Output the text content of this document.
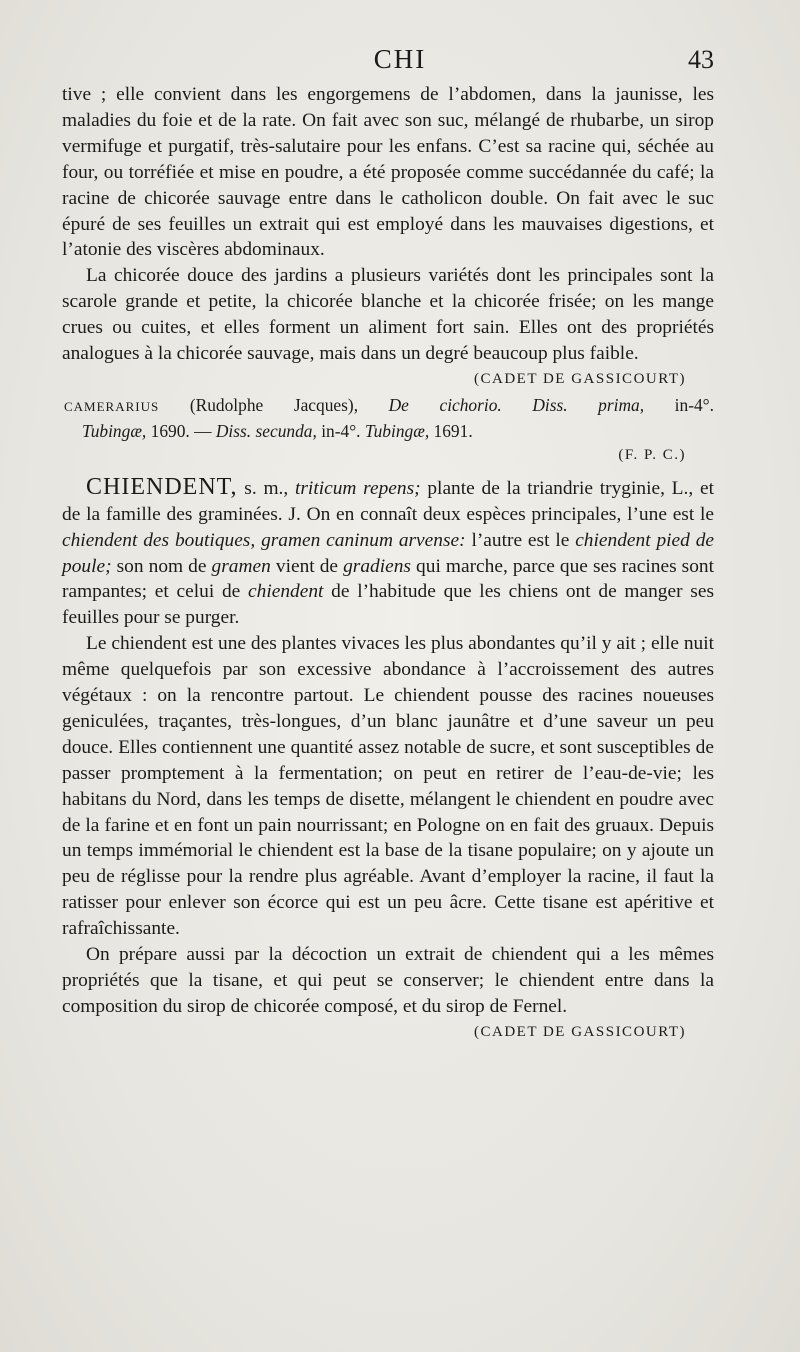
CHI	43

tive ; elle convient dans les engorgemens de l’abdomen, dans la jaunisse, les maladies du foie et de la rate. On fait avec son suc, mélangé de rhubarbe, un sirop vermifuge et purgatif, très-salutaire pour les enfans. C’est sa racine qui, séchée au four, ou torréfiée et mise en poudre, a été proposée comme succédannée du café; la racine de chicorée sauvage entre dans le catholicon double. On fait avec le suc épuré de ses feuilles un extrait qui est employé dans les mauvaises digestions, et l’atonie des viscères abdominaux.

La chicorée douce des jardins a plusieurs variétés dont les principales sont la scarole grande et petite, la chicorée blanche et la chicorée frisée; on les mange crues ou cuites, et elles forment un aliment fort sain. Elles ont des propriétés analogues à la chicorée sauvage, mais dans un degré beaucoup plus faible.

(CADET DE GASSICOURT)

CAMERARIUS (Rudolphe Jacques), De cichorio. Diss. prima, in-4°.

Tubingæ, 1690. — Diss. secunda, in-4°. Tubingæ, 1691.

(F. P. C.)

CHIENDENT, s. m., triticum repens; plante de la triandrie tryginie, L., et de la famille des graminées. J. On en connaît deux espèces principales, l’une est le chiendent des boutiques, gramen caninum arvense: l’autre est le chiendent pied de poule; son nom de gramen vient de gradiens qui marche, parce que ses racines sont rampantes; et celui de chiendent de l’habitude que les chiens ont de manger ses feuilles pour se purger.

Le chiendent est une des plantes vivaces les plus abondantes qu’il y ait ; elle nuit même quelquefois par son excessive abondance à l’accroissement des autres végétaux : on la rencontre partout. Le chiendent pousse des racines noueuses geniculées, traçantes, très-longues, d’un blanc jaunâtre et d’une saveur un peu douce. Elles contiennent une quantité assez notable de sucre, et sont susceptibles de passer promptement à la fermentation; on peut en retirer de l’eau-de-vie; les habitans du Nord, dans les temps de disette, mélangent le chiendent en poudre avec de la farine et en font un pain nourrissant; en Pologne on en fait des gruaux. Depuis un temps immémorial le chiendent est la base de la tisane populaire; on y ajoute un peu de réglisse pour la rendre plus agréable. Avant d’employer la racine, il faut la ratisser pour enlever son écorce qui est un peu âcre. Cette tisane est apéritive et rafraîchissante.

On prépare aussi par la décoction un extrait de chiendent qui a les mêmes propriétés que la tisane, et qui peut se conserver; le chiendent entre dans la composition du sirop de chicorée composé, et du sirop de Fernel.

(CADET DE GASSICOURT)
